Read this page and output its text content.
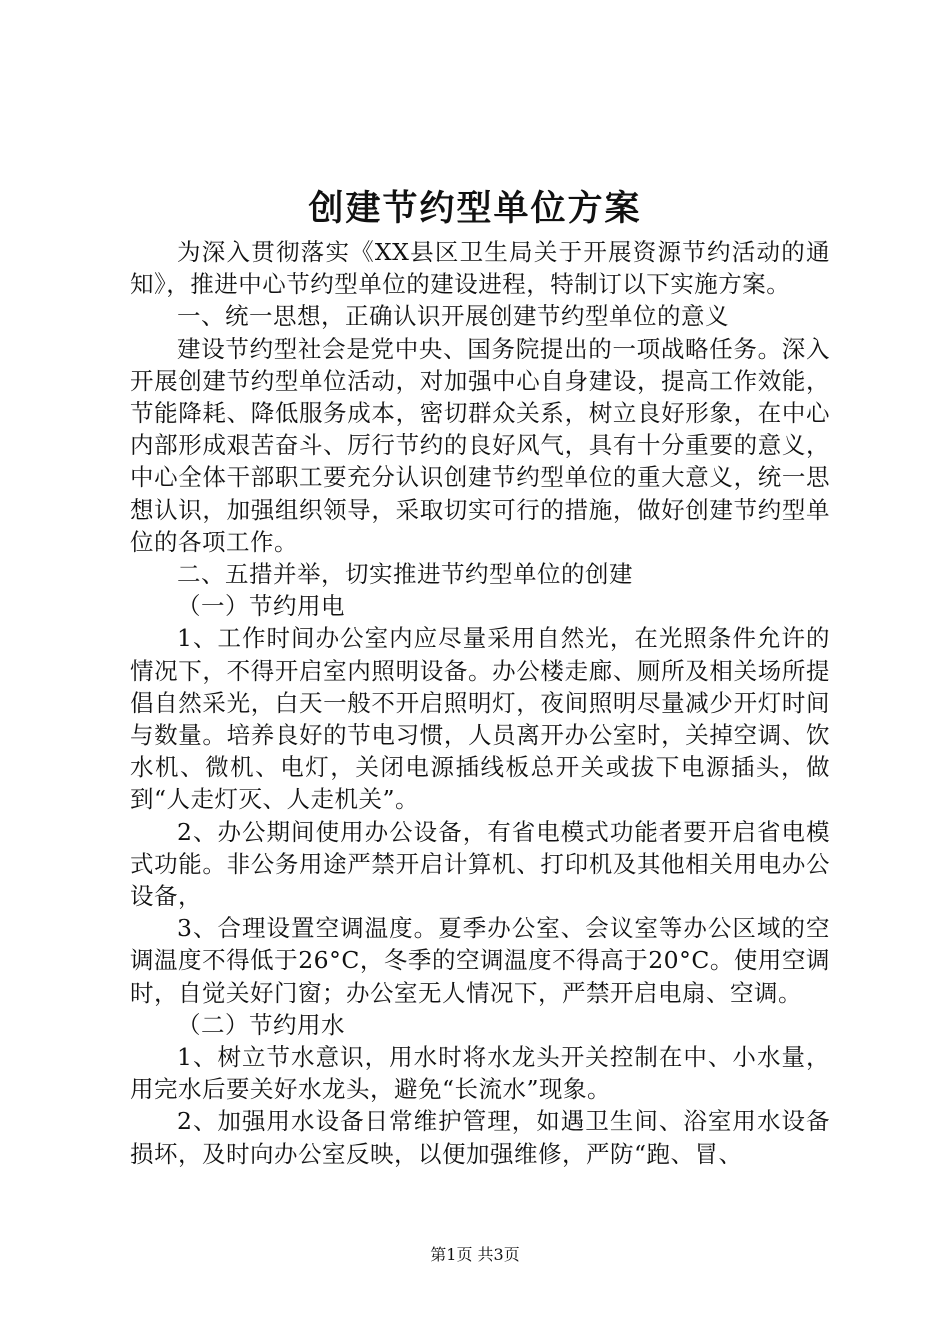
创建节约型单位方案

为深入贯彻落实《XX县区卫生局关于开展资源节约活动的通知》，推进中心节约型单位的建设进程，特制订以下实施方案。

一、统一思想，正确认识开展创建节约型单位的意义

建设节约型社会是党中央、国务院提出的一项战略任务。深入开展创建节约型单位活动，对加强中心自身建设，提高工作效能，节能降耗、降低服务成本，密切群众关系，树立良好形象，在中心内部形成艰苦奋斗、厉行节约的良好风气，具有十分重要的意义，中心全体干部职工要充分认识创建节约型单位的重大意义，统一思想认识，加强组织领导，采取切实可行的措施，做好创建节约型单位的各项工作。

二、五措并举，切实推进节约型单位的创建

（一）节约用电

1、工作时间办公室内应尽量采用自然光，在光照条件允许的情况下，不得开启室内照明设备。办公楼走廊、厕所及相关场所提倡自然采光，白天一般不开启照明灯，夜间照明尽量减少开灯时间与数量。培养良好的节电习惯，人员离开办公室时，关掉空调、饮水机、微机、电灯，关闭电源插线板总开关或拔下电源插头，做到“人走灯灭、人走机关”。

2、办公期间使用办公设备，有省电模式功能者要开启省电模式功能。非公务用途严禁开启计算机、打印机及其他相关用电办公设备，

3、合理设置空调温度。夏季办公室、会议室等办公区域的空调温度不得低于26°C，冬季的空调温度不得高于20°C。使用空调时，自觉关好门窗；办公室无人情况下，严禁开启电扇、空调。

（二）节约用水

1、树立节水意识，用水时将水龙头开关控制在中、小水量，用完水后要关好水龙头，避免“长流水”现象。

2、加强用水设备日常维护管理，如遇卫生间、浴室用水设备损坏，及时向办公室反映，以便加强维修，严防“跑、冒、

第1页 共3页
